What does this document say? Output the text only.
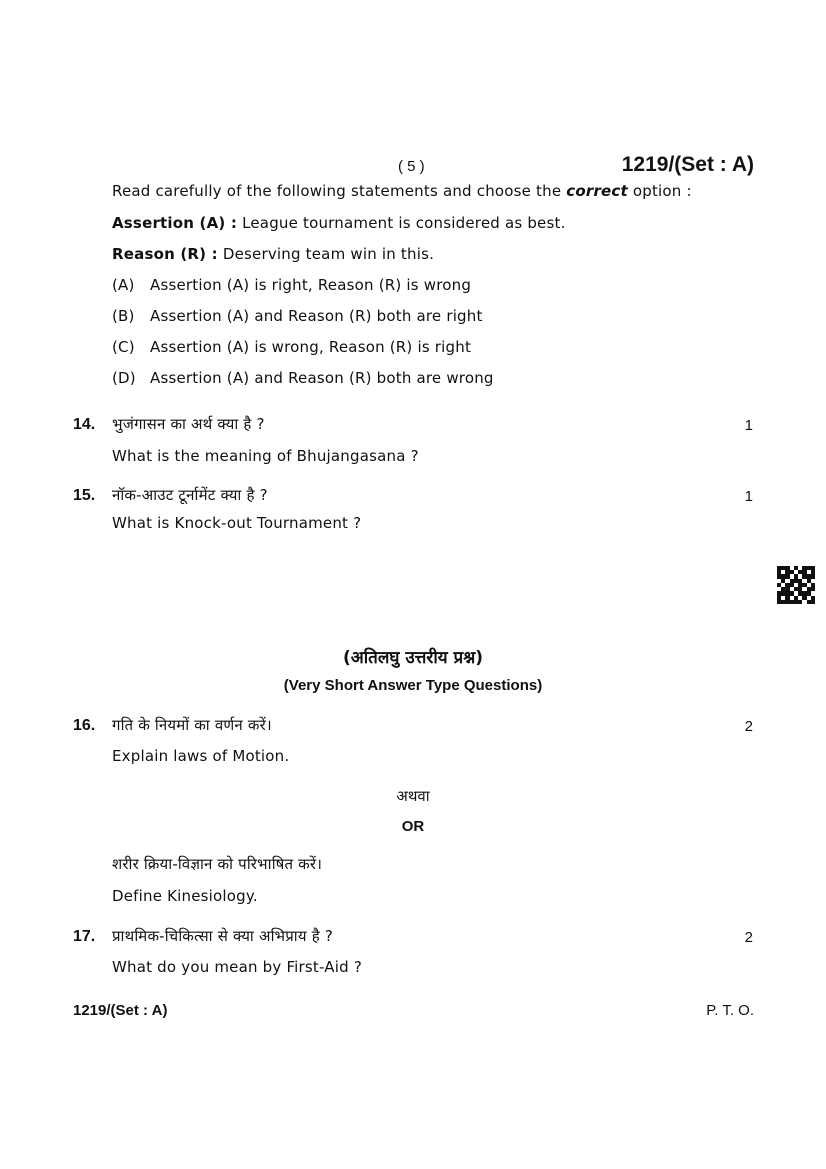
( 5 )	1219/(Set : A)
Read carefully of the following statements and choose the correct option :
Assertion (A) : League tournament is considered as best.
Reason (R) : Deserving team win in this.
(A) Assertion (A) is right, Reason (R) is wrong
(B) Assertion (A) and Reason (R) both are right
(C) Assertion (A) is wrong, Reason (R) is right
(D) Assertion (A) and Reason (R) both are wrong
14. भुजंगासन का अर्थ क्या है ?	1
What is the meaning of Bhujangasana ?
15. नॉक-आउट टूर्नामेंट क्या है ?	1
What is Knock-out Tournament ?
(अतिलघु उत्तरीय प्रश्न)
(Very Short Answer Type Questions)
16. गति के नियमों का वर्णन करें।	2
Explain laws of Motion.
अथवा
OR
शरीर क्रिया-विज्ञान को परिभाषित करें।
Define Kinesiology.
17. प्राथमिक-चिकित्सा से क्या अभिप्राय है ?	2
What do you mean by First-Aid ?
1219/(Set : A)	P. T. O.
